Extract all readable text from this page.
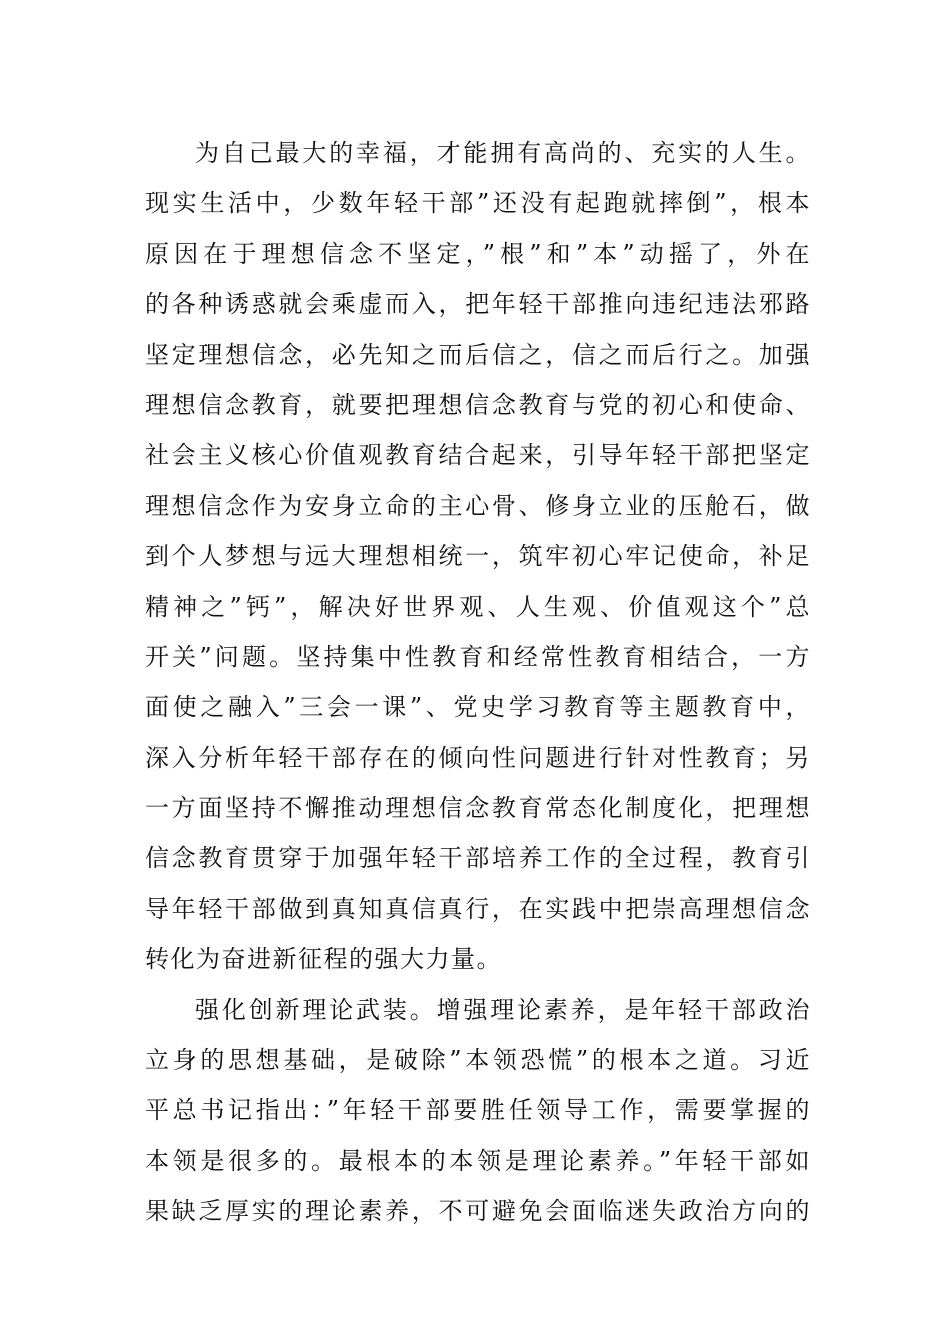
为自己最大的幸福，才能拥有高尚的、充实的人生。
现实生活中，少数年轻干部”还没有起跑就摔倒”，根本
原因在于理想信念不坚定，”根”和”本”动摇了，外在
的各种诱惑就会乘虚而入，把年轻干部推向违纪违法邪路
坚定理想信念，必先知之而后信之，信之而后行之。加强
理想信念教育，就要把理想信念教育与党的初心和使命、
社会主义核心价值观教育结合起来，引导年轻干部把坚定
理想信念作为安身立命的主心骨、修身立业的压舱石，做
到个人梦想与远大理想相统一，筑牢初心牢记使命，补足
精神之”钙”，解决好世界观、人生观、价值观这个”总
开关”问题。坚持集中性教育和经常性教育相结合，一方
面使之融入”三会一课”、党史学习教育等主题教育中，
深入分析年轻干部存在的倾向性问题进行针对性教育；另
一方面坚持不懈推动理想信念教育常态化制度化，把理想
信念教育贯穿于加强年轻干部培养工作的全过程，教育引
导年轻干部做到真知真信真行，在实践中把崇高理想信念
转化为奋进新征程的强大力量。
强化创新理论武装。增强理论素养，是年轻干部政治
立身的思想基础，是破除”本领恐慌”的根本之道。习近
平总书记指出：”年轻干部要胜任领导工作，需要掌握的
本领是很多的。最根本的本领是理论素养。”年轻干部如
果缺乏厚实的理论素养，不可避免会面临迷失政治方向的
